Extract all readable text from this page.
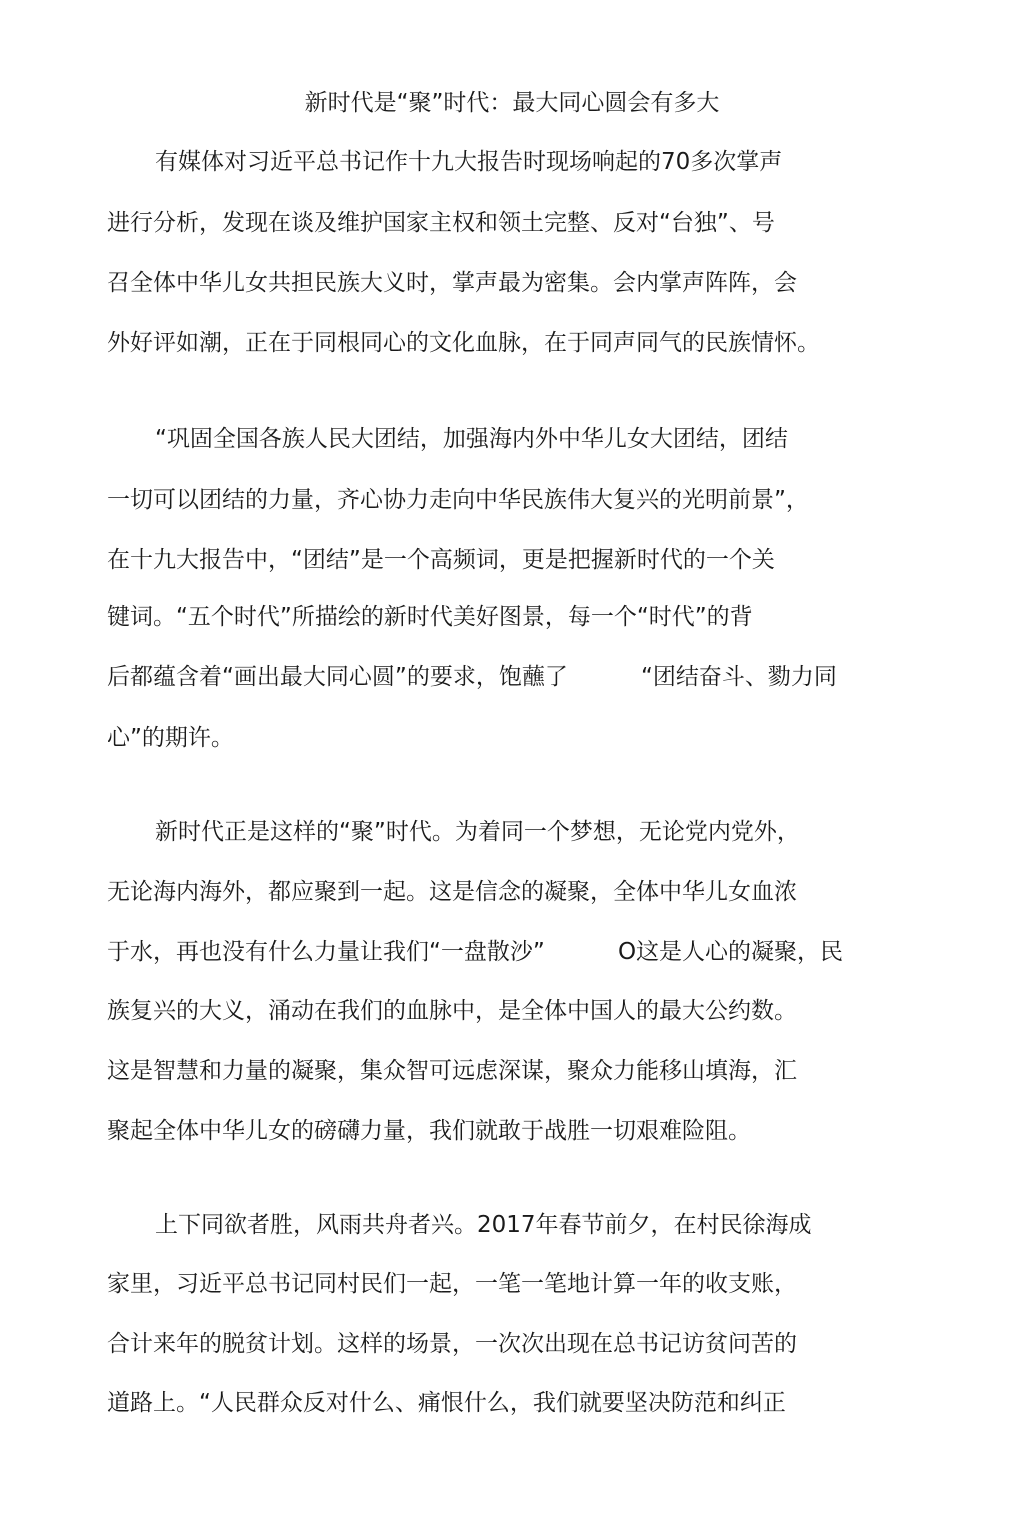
新时代是“聚”时代：最大同心圆会有多大
有媒体对习近平总书记作十九大报告时现场响起的70多次掌声
进行分析，发现在谈及维护国家主权和领土完整、反对“台独”、号
召全体中华儿女共担民族大义时，掌声最为密集。会内掌声阵阵，会
外好评如潮，正在于同根同心的文化血脉，在于同声同气的民族情怀。
“巩固全国各族人民大团结，加强海内外中华儿女大团结，团结
一切可以团结的力量，齐心协力走向中华民族伟大复兴的光明前景”，
在十九大报告中，“团结”是一个高频词，更是把握新时代的一个关
键词。“五个时代”所描绘的新时代美好图景，每一个“时代”的背
后都蕴含着“画出最大同心圆”的要求，饱蘸了          “团结奋斗、勠力同
心”的期许。
新时代正是这样的“聚”时代。为着同一个梦想，无论党内党外，
无论海内海外，都应聚到一起。这是信念的凝聚，全体中华儿女血浓
于水，再也没有什么力量让我们“一盘散沙”          O这是人心的凝聚，民
族复兴的大义，涌动在我们的血脉中，是全体中国人的最大公约数。
这是智慧和力量的凝聚，集众智可远虑深谋，聚众力能移山填海，汇
聚起全体中华儿女的磅礴力量，我们就敢于战胜一切艰难险阻。
上下同欲者胜，风雨共舟者兴。2017年春节前夕，在村民徐海成
家里，习近平总书记同村民们一起，一笔一笔地计算一年的收支账，
合计来年的脱贫计划。这样的场景，一次次出现在总书记访贫问苦的
道路上。“人民群众反对什么、痛恨什么，我们就要坚决防范和纠正
